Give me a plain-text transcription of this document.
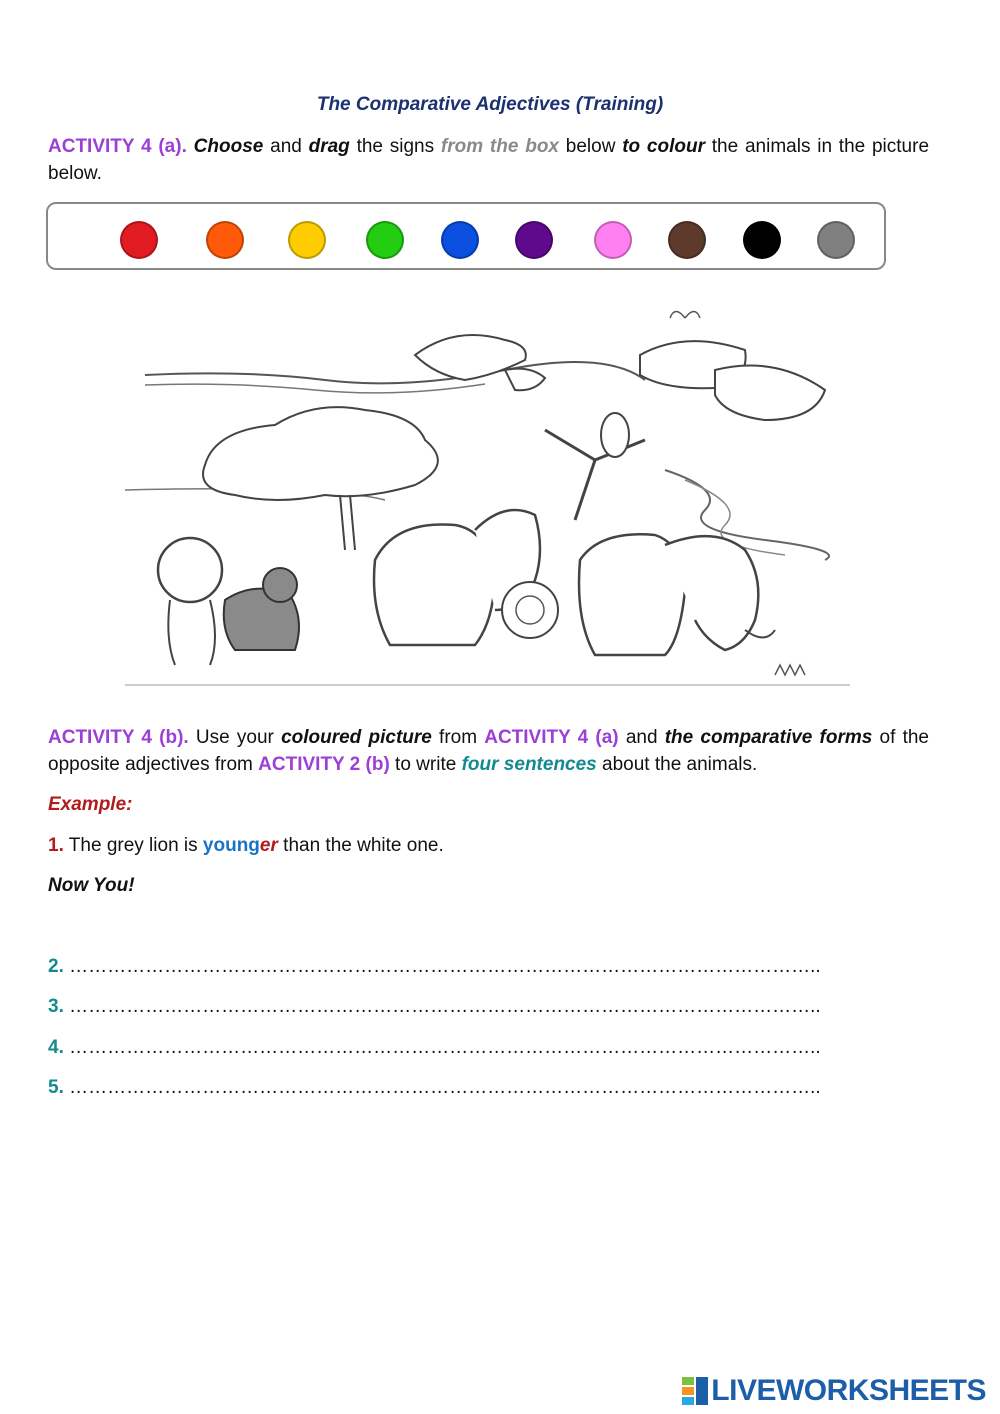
The Comparative Adjectives (Training)
ACTIVITY 4 (a). Choose and drag the signs from the box below to colour the animals in the picture below.
ACTIVITY 4 (b). Use your coloured picture from ACTIVITY 4 (a) and the comparative forms of the opposite adjectives from ACTIVITY 2 (b) to write four sentences about the animals.
Example:
1. The grey lion is younger than the white one.
Now You!
2. ………………………………………………………………………………………………………..
3. ………………………………………………………………………………………………………..
4. ………………………………………………………………………………………………………..
5. ………………………………………………………………………………………………………..
LIVEWORKSHEETS
